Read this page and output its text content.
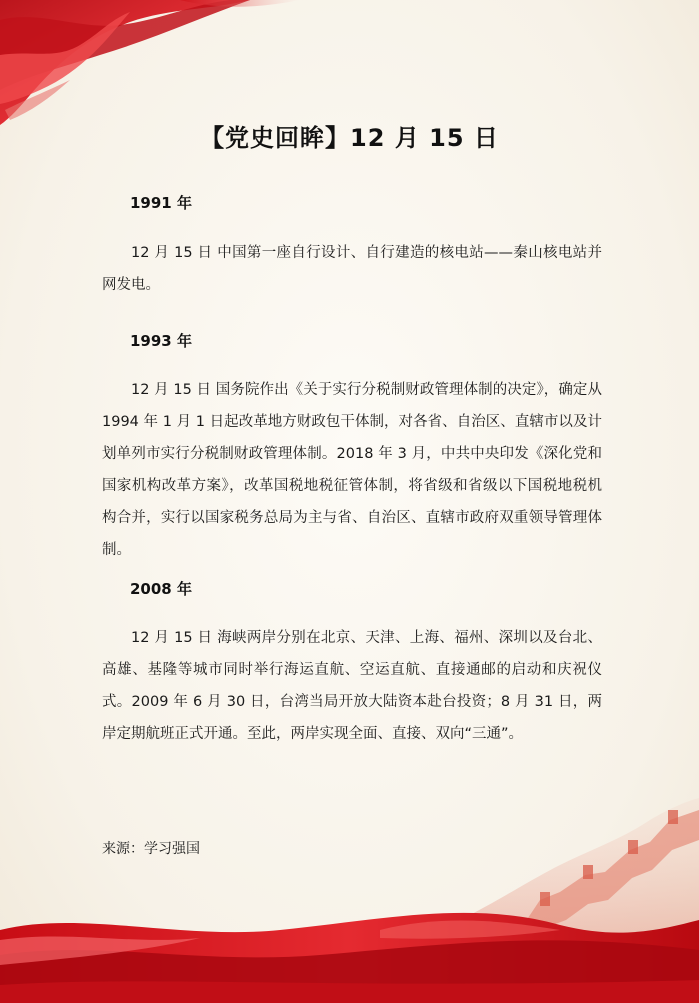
【党史回眸】12 月 15 日
1991 年
12 月 15 日 中国第一座自行设计、自行建造的核电站——秦山核电站并网发电。
1993 年
12 月 15 日 国务院作出《关于实行分税制财政管理体制的决定》，确定从 1994 年 1 月 1 日起改革地方财政包干体制，对各省、自治区、直辖市以及计划单列市实行分税制财政管理体制。2018 年 3 月，中共中央印发《深化党和国家机构改革方案》，改革国税地税征管体制，将省级和省级以下国税地税机构合并，实行以国家税务总局为主与省、自治区、直辖市政府双重领导管理体制。
2008 年
12 月 15 日 海峡两岸分别在北京、天津、上海、福州、深圳以及台北、高雄、基隆等城市同时举行海运直航、空运直航、直接通邮的启动和庆祝仪式。2009 年 6 月 30 日，台湾当局开放大陆资本赴台投资；8 月 31 日，两岸定期航班正式开通。至此，两岸实现全面、直接、双向“三通”。
来源：学习强国
